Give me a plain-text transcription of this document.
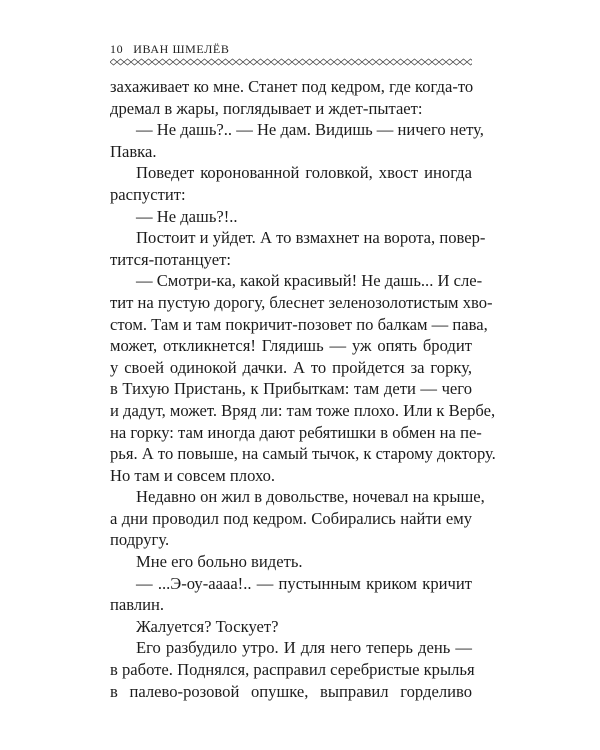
10 ИВАН ШМЕЛЁВ
захаживает ко мне. Станет под кедром, где когда-то
дремал в жары, поглядывает и ждет-пытает:
— Не дашь?.. — Не дам. Видишь — ничего нету,
Павка.
Поведет коронованной головкой, хвост иногда
распустит:
— Не дашь?!..
Постоит и уйдет. А то взмахнет на ворота, повер-
тится-потанцует:
— Смотри-ка, какой красивый! Не дашь... И слe-
тит на пустую дорогу, блеснет зеленозолотистым хво-
стом. Там и там покричит-позовет по балкам — пава,
может, откликнется! Глядишь — уж опять бродит
у своей одинокой дачки. А то пройдется за горку,
в Тихую Пристань, к Прибыткам: там дети — чего
и дадут, может. Вряд ли: там тоже плохо. Или к Вербе,
на горку: там иногда дают ребятишки в обмен на пе-
рья. А то повыше, на самый тычок, к старому доктору.
Но там и совсем плохо.
Недавно он жил в довольстве, ночевал на крыше,
а дни проводил под кедром. Собирались найти ему
подругу.
Мне его больно видеть.
— ...Э-оу-аааа!.. — пустынным криком кричит
павлин.
Жалуется? Тоскует?
Его разбудило утро. И для него теперь день —
в работе. Поднялся, расправил серебристые крылья
в палево-розовой опушке, выправил горделиво
